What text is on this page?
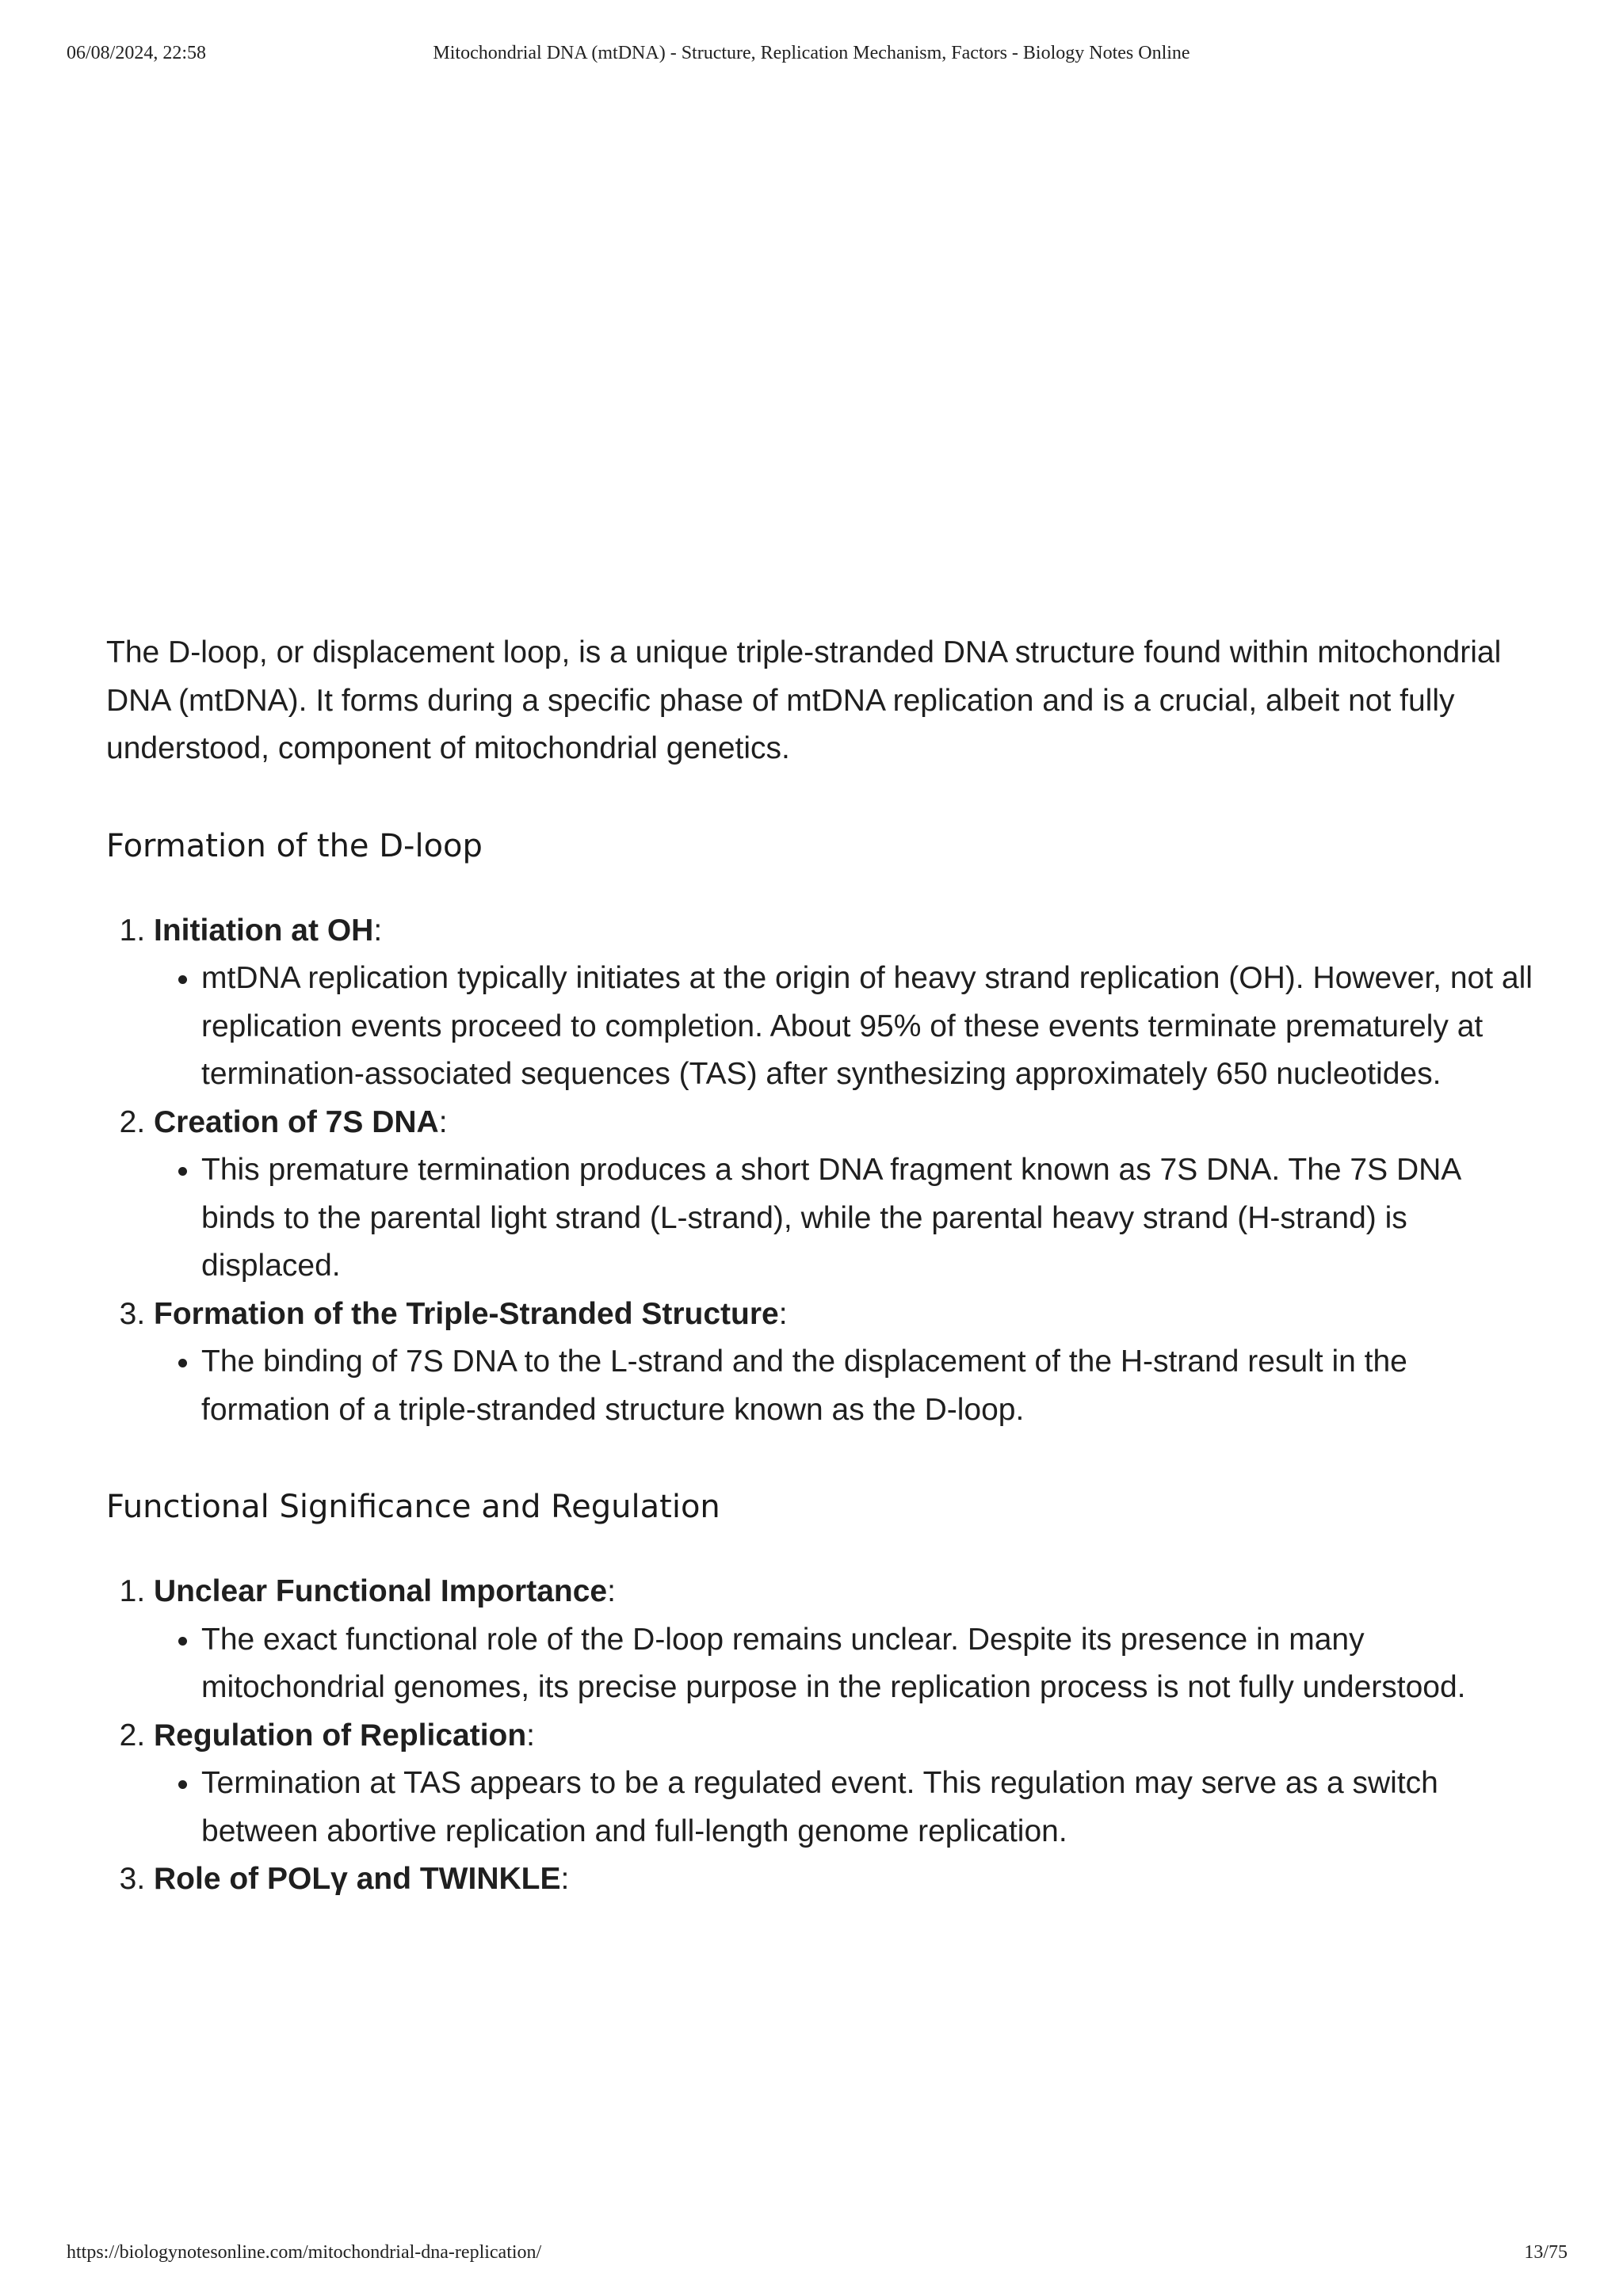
06/08/2024, 22:58	Mitochondrial DNA (mtDNA) - Structure, Replication Mechanism, Factors - Biology Notes Online

The D-loop, or displacement loop, is a unique triple-stranded DNA structure found within mitochondrial DNA (mtDNA). It forms during a specific phase of mtDNA replication and is a crucial, albeit not fully understood, component of mitochondrial genetics.

Formation of the D-loop
1. Initiation at OH:
• mtDNA replication typically initiates at the origin of heavy strand replication (OH). However, not all replication events proceed to completion. About 95% of these events terminate prematurely at termination-associated sequences (TAS) after synthesizing approximately 650 nucleotides.
2. Creation of 7S DNA:
• This premature termination produces a short DNA fragment known as 7S DNA. The 7S DNA binds to the parental light strand (L-strand), while the parental heavy strand (H-strand) is displaced.
3. Formation of the Triple-Stranded Structure:
• The binding of 7S DNA to the L-strand and the displacement of the H-strand result in the formation of a triple-stranded structure known as the D-loop.
Functional Significance and Regulation
1. Unclear Functional Importance:
• The exact functional role of the D-loop remains unclear. Despite its presence in many mitochondrial genomes, its precise purpose in the replication process is not fully understood.
2. Regulation of Replication:
• Termination at TAS appears to be a regulated event. This regulation may serve as a switch between abortive replication and full-length genome replication.
3. Role of POLγ and TWINKLE:
https://biologynotesonline.com/mitochondrial-dna-replication/	13/75
